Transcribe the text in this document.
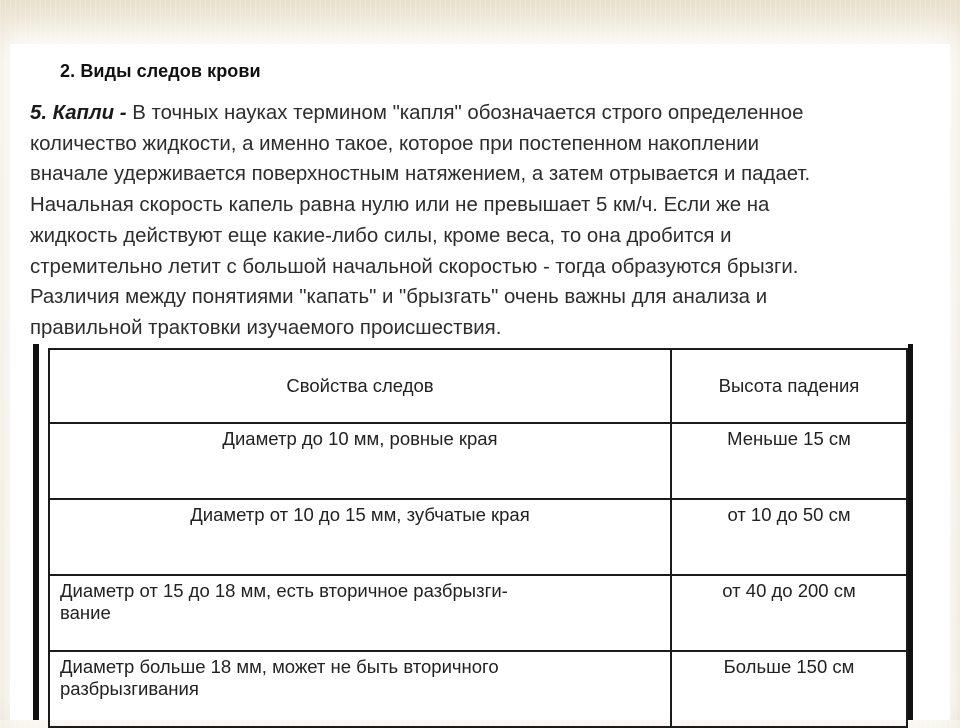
2. Виды следов крови

5. Капли - В точных науках термином "капля" обозначается строго определенное
количество жидкости, а именно такое, которое при постепенном накоплении
вначале удерживается поверхностным натяжением, а затем отрывается и падает.
Начальная скорость капель равна нулю или не превышает 5 км/ч. Если же на
жидкость действуют еще какие-либо силы, кроме веса, то она дробится и
стремительно летит с большой начальной скоростью - тогда образуются брызги.
Различия между понятиями "капать" и "брызгать" очень важны для анализа и
правильной трактовки изучаемого происшествия.

Свойства следов	Высота падения
Диаметр до 10 мм, ровные края	Меньше 15 см
Диаметр от 10 до 15 мм, зубчатые края	от 10 до 50 см
Диаметр от 15 до 18 мм, есть вторичное разбрызги-
вание	от 40 до 200 см
Диаметр больше 18 мм, может не быть вторичного
разбрызгивания	Больше 150 см
